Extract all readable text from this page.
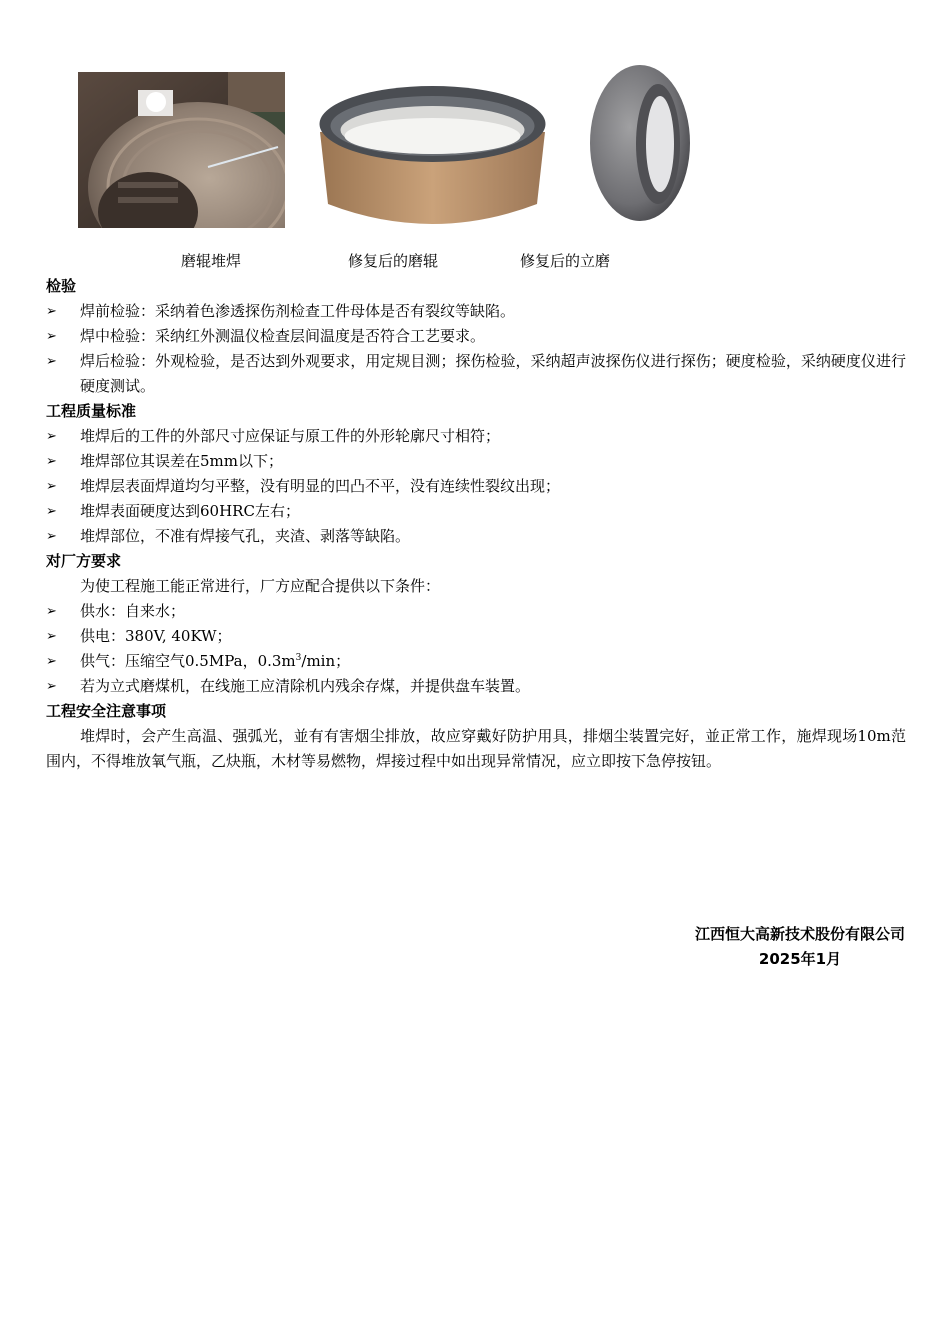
磨辊堆焊	修复后的磨辊	修复后的立磨
检验
➢ 焊前检验：采纳着色渗透探伤剂检查工件母体是否有裂纹等缺陷。
➢ 焊中检验：采纳红外测温仪检查层间温度是否符合工艺要求。
➢ 焊后检验：外观检验，是否达到外观要求，用定规目测；探伤检验，采纳超声波探伤仪进行探伤；硬度检验，采纳硬度仪进行硬度测试。
工程质量标准
➢ 堆焊后的工件的外部尺寸应保证与原工件的外形轮廓尺寸相符；
➢ 堆焊部位其误差在5mm以下；
➢ 堆焊层表面焊道均匀平整，没有明显的凹凸不平，没有连续性裂纹出现；
➢ 堆焊表面硬度达到60HRC左右；
➢ 堆焊部位，不准有焊接气孔，夹渣、剥落等缺陷。
对厂方要求
为使工程施工能正常进行，厂方应配合提供以下条件：
➢ 供水：自来水；
➢ 供电：380V, 40KW；
➢ 供气：压缩空气0.5MPa，$0.3m^3/\min$；
➢ 若为立式磨煤机，在线施工应清除机内残余存煤，并提供盘车装置。
工程安全注意事项
堆焊时，会产生高温、强弧光，並有有害烟尘排放，故应穿戴好防护用具，排烟尘装置完好，並正常工作，施焊现场10m范围内，不得堆放氧气瓶，乙炔瓶，木材等易燃物，焊接过程中如出现异常情况，应立即按下急停按钮。
江西恒大高新技术股份有限公司
2025年1月
